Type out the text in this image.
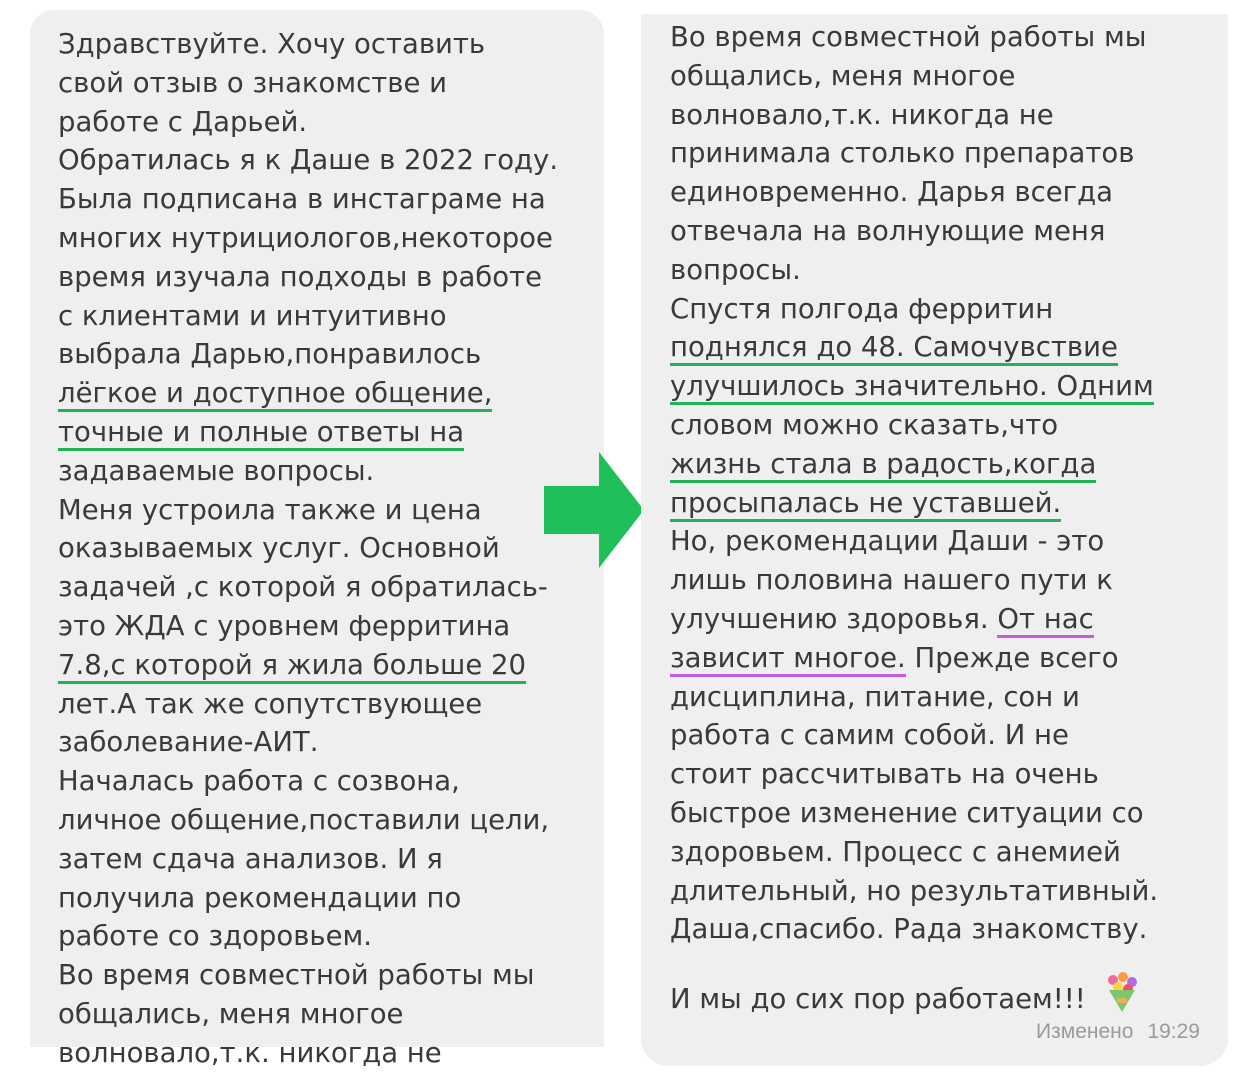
Здравствуйте. Хочу оставить
свой отзыв о знакомстве и
работе с Дарьей.
Обратилась я к Даше в 2022 году.
Была подписана в инстаграме на
многих нутрициологов,некоторое
время изучала подходы в работе
с клиентами и интуитивно
выбрала Дарью,понравилось
лёгкое и доступное общение,
точные и полные ответы на
задаваемые вопросы.
Меня устроила также и цена
оказываемых услуг. Основной
задачей ,с которой я обратилась-
это ЖДА с уровнем ферритина
7.8,с которой я жила больше 20
лет.А так же сопутствующее
заболевание-АИТ.
Началась работа с созвона,
личное общение,поставили цели,
затем сдача анализов. И я
получила рекомендации по
работе со здоровьем.
Во время совместной работы мы
общались, меня многое
волновало,т.к. никогда не
Во время совместной работы мы
общались, меня многое
волновало,т.к. никогда не
принимала столько препаратов
единовременно. Дарья всегда
отвечала на волнующие меня
вопросы.
Спустя полгода ферритин
поднялся до 48. Самочувствие
улучшилось значительно. Одним
словом можно сказать,что
жизнь стала в радость,когда
просыпалась не уставшей.
Но, рекомендации Даши - это
лишь половина нашего пути к
улучшению здоровья. От нас
зависит многое. Прежде всего
дисциплина, питание, сон и
работа с самим собой. И не
стоит рассчитывать на очень
быстрое изменение ситуации со
здоровьем. Процесс с анемией
длительный, но результативный.
Даша,спасибо. Рада знакомству.
И мы до сих пор работаем!!!
Изменено 19:29
